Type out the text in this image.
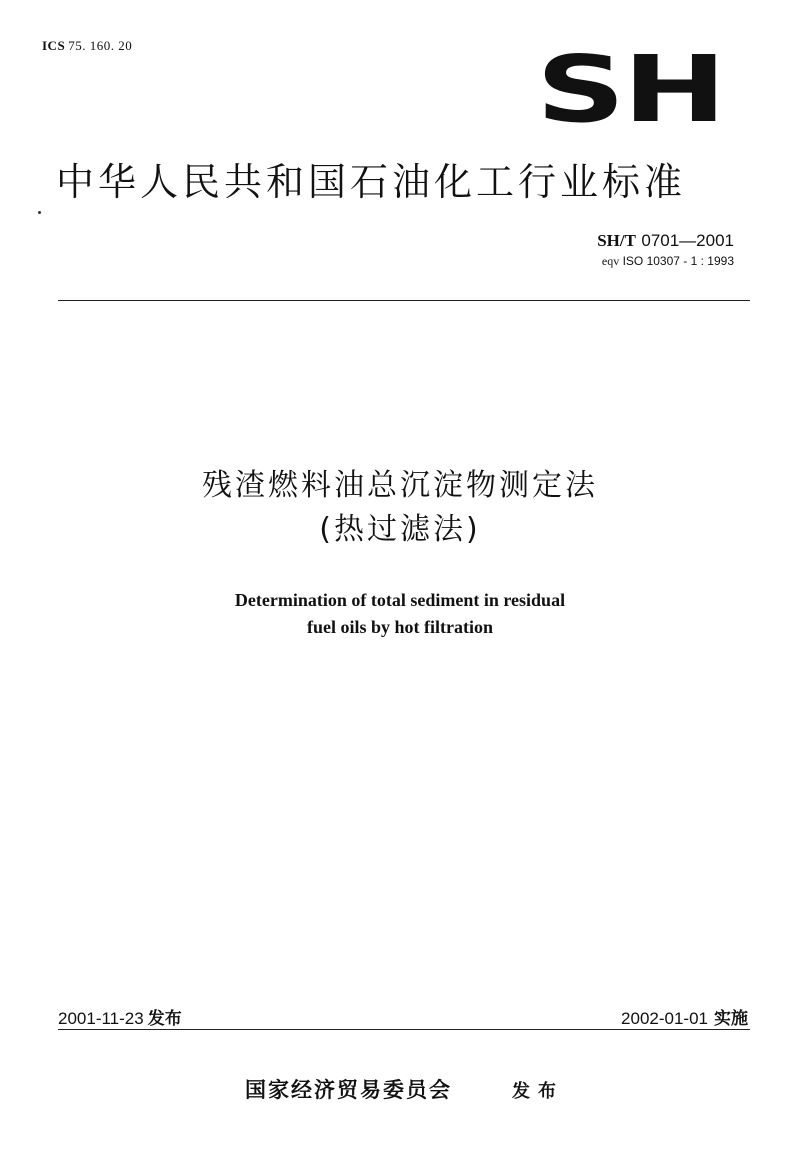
ICS 75. 160. 20	SH
中华人民共和国石油化工行业标准
SH/T 0701—2001
eqv ISO 10307 - 1 : 1993
残渣燃料油总沉淀物测定法
(热过滤法)
Determination of total sediment in residual
fuel oils by hot filtration
2001-11-23 发布	2002-01-01 实施
国家经济贸易委员会	发布
